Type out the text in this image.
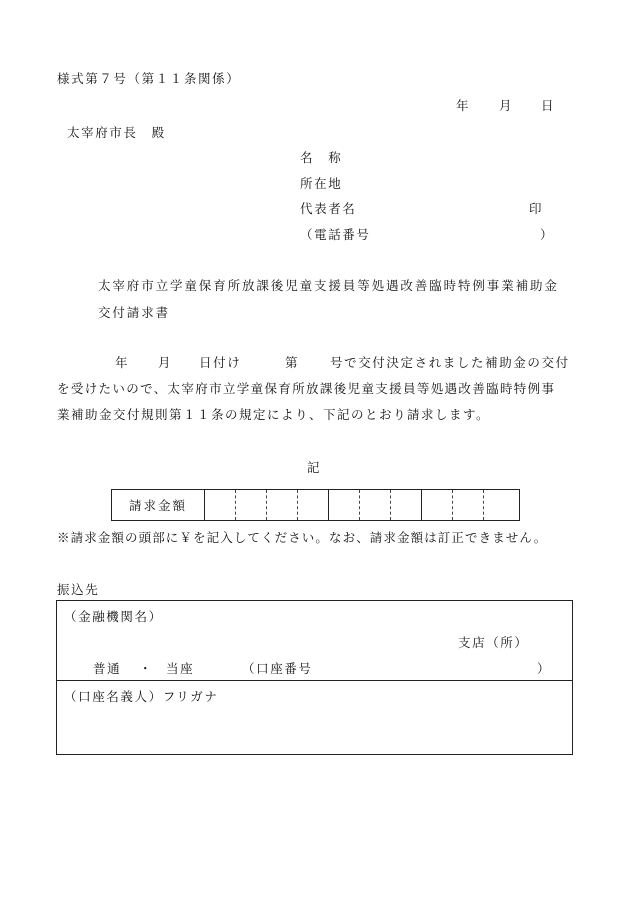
様式第７号（第１１条関係）
年 月 日
太宰府市長　殿
名　称
所在地
代表者名	印
（電話番号	）
太宰府市立学童保育所放課後児童支援員等処遇改善臨時特例事業補助金
交付請求書
年 月 日付け	第 号で交付決定されました補助金の交付
を受けたいので、太宰府市立学童保育所放課後児童支援員等処遇改善臨時特例事
業補助金交付規則第１１条の規定により、下記のとおり請求します。
記
請求金額
※請求金額の頭部に￥を記入してください。なお、請求金額は訂正できません。
振込先
（金融機関名）
支店（所）
普通 ・ 当座	（口座番号	）
（口座名義人）フリガナ
